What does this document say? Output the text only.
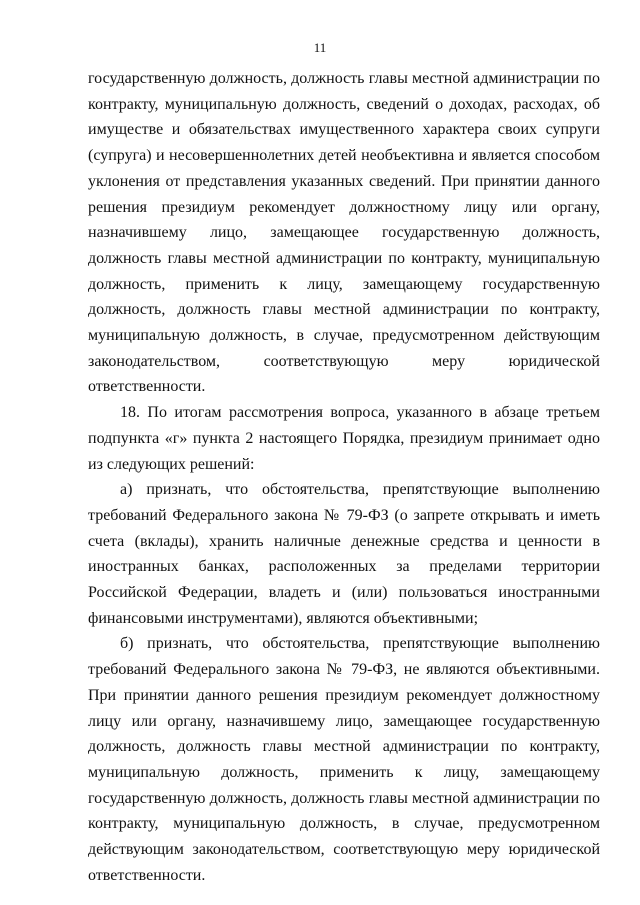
11

государственную должность, должность главы местной администрации по контракту, муниципальную должность, сведений о доходах, расходах, об имуществе и обязательствах имущественного характера своих супруги (супруга) и несовершеннолетних детей необъективна и является способом уклонения от представления указанных сведений. При принятии данного решения президиум рекомендует должностному лицу или органу, назначившему лицо, замещающее государственную должность, должность главы местной администрации по контракту, муниципальную должность, применить к лицу, замещающему государственную должность, должность главы местной администрации по контракту, муниципальную должность, в случае, предусмотренном действующим законодательством, соответствующую меру юридической ответственности.

18. По итогам рассмотрения вопроса, указанного в абзаце третьем подпункта «г» пункта 2 настоящего Порядка, президиум принимает одно из следующих решений:

а) признать, что обстоятельства, препятствующие выполнению требований Федерального закона № 79-ФЗ (о запрете открывать и иметь счета (вклады), хранить наличные денежные средства и ценности в иностранных банках, расположенных за пределами территории Российской Федерации, владеть и (или) пользоваться иностранными финансовыми инструментами), являются объективными;

б) признать, что обстоятельства, препятствующие выполнению требований Федерального закона № 79-ФЗ, не являются объективными. При принятии данного решения президиум рекомендует должностному лицу или органу, назначившему лицо, замещающее государственную должность, должность главы местной администрации по контракту, муниципальную должность, применить к лицу, замещающему государственную должность, должность главы местной администрации по контракту, муниципальную должность, в случае, предусмотренном действующим законодательством, соответствующую меру юридической ответственности.
